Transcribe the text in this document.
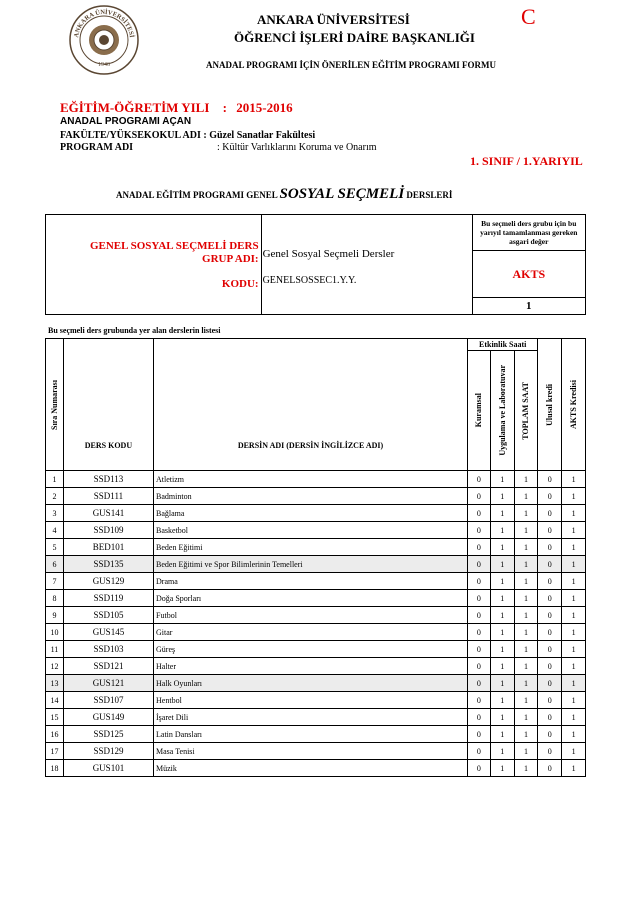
ANKARA ÜNİVERSİTESİ
1946
ANKARA ÜNİVERSİTESİ
ÖĞRENCİ İŞLERİ DAİRE BAŞKANLIĞI
C
ANADAL PROGRAMI İÇİN ÖNERİLEN EĞİTİM PROGRAMI FORMU
EĞİTİM-ÖĞRETİM YILI : 2015-2016
ANADAL PROGRAMI AÇAN
FAKÜLTE/YÜKSEKOKUL ADI : Güzel Sanatlar Fakültesi
PROGRAM ADI	: Kültür Varlıklarını Koruma ve Onarım
1. SINIF / 1.YARIYIL
ANADAL EĞİTİM PROGRAMI GENEL SOSYAL SEÇMELİ DERSLERİ
GENEL SOSYAL SEÇMELİ DERS
GRUP ADI:
KODU:

Genel Sosyal Seçmeli Dersler
GENELSOSSEC1.Y.Y.
	Bu seçmeli ders grubu için bu yarıyıl tamamlanması gereken asgari değer
AKTS
1
Bu seçmeli ders grubunda yer alan derslerin listesi
Sıra Numarası	DERS KODU	DERSİN ADI (DERSİN İNGİLİZCE ADI)	Etkinlik Saati			Ulusal kredi	AKTS Kredisi

			Kuramsal	Uygulama ve Laboratuvar	TOPLAM SAAT		

1	SSD113	Atletizm	0	1	1	0	1
2	SSD111	Badminton	0	1	1	0	1
3	GUS141	Bağlama	0	1	1	0	1
4	SSD109	Basketbol	0	1	1	0	1
5	BED101	Beden Eğitimi	0	1	1	0	1
6	SSD135	Beden Eğitimi ve Spor Bilimlerinin Temelleri	0	1	1	0	1
7	GUS129	Drama	0	1	1	0	1
8	SSD119	Doğa Sporları	0	1	1	0	1
9	SSD105	Futbol	0	1	1	0	1
10	GUS145	Gitar	0	1	1	0	1
11	SSD103	Güreş	0	1	1	0	1
12	SSD121	Halter	0	1	1	0	1
13	GUS121	Halk Oyunları	0	1	1	0	1
14	SSD107	Hentbol	0	1	1	0	1
15	GUS149	İşaret Dili	0	1	1	0	1
16	SSD125	Latin Dansları	0	1	1	0	1
17	SSD129	Masa Tenisi	0	1	1	0	1
18	GUS101	Müzik	0	1	1	0	1
